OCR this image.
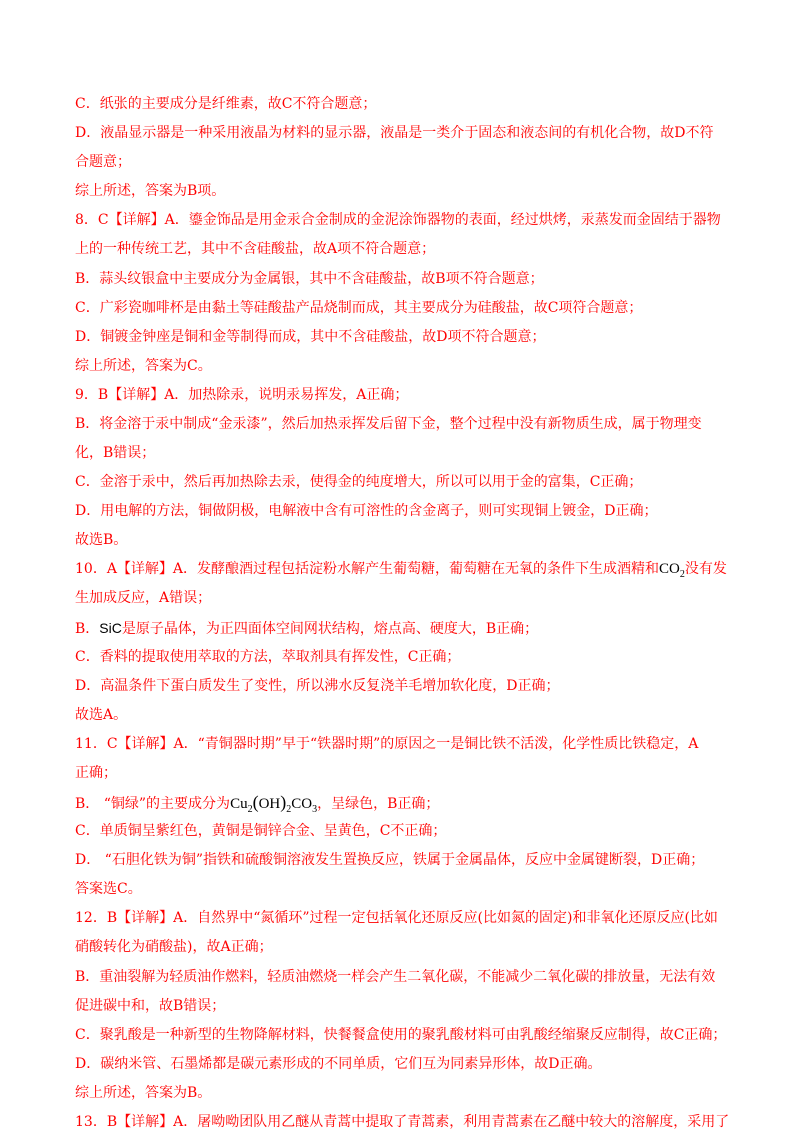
C．纸张的主要成分是纤维素，故C不符合题意；
D．液晶显示器是一种采用液晶为材料的显示器，液晶是一类介于固态和液态间的有机化合物，故D不符
合题意；
综上所述，答案为B项。
8．C【详解】A．鎏金饰品是用金汞合金制成的金泥涂饰器物的表面，经过烘烤，汞蒸发而金固结于器物
上的一种传统工艺，其中不含硅酸盐，故A项不符合题意；
B．蒜头纹银盒中主要成分为金属银，其中不含硅酸盐，故B项不符合题意；
C．广彩瓷咖啡杯是由黏土等硅酸盐产品烧制而成，其主要成分为硅酸盐，故C项符合题意；
D．铜镀金钟座是铜和金等制得而成，其中不含硅酸盐，故D项不符合题意；
综上所述，答案为C。
9．B【详解】A．加热除汞，说明汞易挥发，A正确；
B．将金溶于汞中制成“金汞漆”，然后加热汞挥发后留下金，整个过程中没有新物质生成，属于物理变
化，B错误；
C．金溶于汞中，然后再加热除去汞，使得金的纯度增大，所以可以用于金的富集，C正确；
D．用电解的方法，铜做阴极，电解液中含有可溶性的含金离子，则可实现铜上镀金，D正确；
故选B。
10．A【详解】A．发酵酿酒过程包括淀粉水解产生葡萄糖，葡萄糖在无氧的条件下生成酒精和$CO_2$没有发
生加成反应，A错误；
B．SiC是原子晶体，为正四面体空间网状结构，熔点高、硬度大，B正确；
C．香料的提取使用萃取的方法，萃取剂具有挥发性，C正确；
D．高温条件下蛋白质发生了变性，所以沸水反复浇羊毛增加软化度，D正确；
故选A。
11．C【详解】A．“青铜器时期”早于“铁器时期”的原因之一是铜比铁不活泼，化学性质比铁稳定，A
正确；
B． “铜绿”的主要成分为$Cu_2(OH)_2CO_3$，呈绿色，B正确；
C．单质铜呈紫红色，黄铜是铜锌合金、呈黄色，C不正确；
D． “石胆化铁为铜”指铁和硫酸铜溶液发生置换反应，铁属于金属晶体，反应中金属键断裂，D正确；
答案选C。
12．B【详解】A．自然界中“氮循环”过程一定包括氧化还原反应(比如氮的固定)和非氧化还原反应(比如
硝酸转化为硝酸盐)，故A正确；
B．重油裂解为轻质油作燃料，轻质油燃烧一样会产生二氧化碳，不能减少二氧化碳的排放量，无法有效
促进碳中和，故B错误；
C．聚乳酸是一种新型的生物降解材料，快餐餐盒使用的聚乳酸材料可由乳酸经缩聚反应制得，故C正确；
D．碳纳米管、石墨烯都是碳元素形成的不同单质，它们互为同素异形体，故D正确。
综上所述，答案为B。
13．B【详解】A．屠呦呦团队用乙醚从青蒿中提取了青蒿素，利用青蒿素在乙醚中较大的溶解度，采用了
